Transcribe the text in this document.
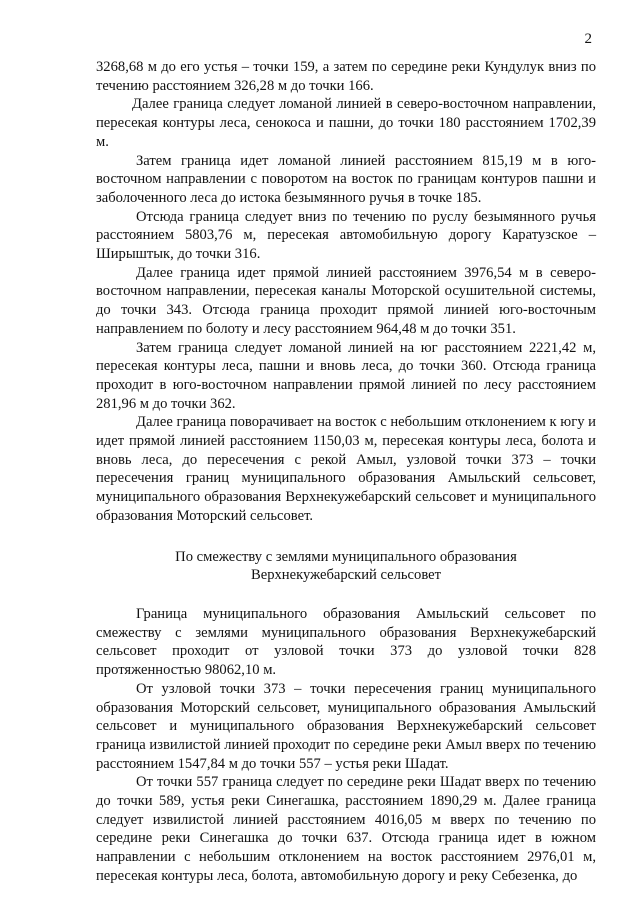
2

3268,68 м до его устья – точки 159, а затем по середине реки Кундулук вниз по течению расстоянием 326,28 м до точки 166.

Далее граница следует ломаной линией в северо-восточном направлении, пересекая контуры леса, сенокоса и пашни, до точки 180 расстоянием 1702,39 м.

Затем граница идет ломаной линией расстоянием 815,19 м в юго-восточном направлении с поворотом на восток по границам контуров пашни и заболоченного леса до истока безымянного ручья в точке 185.

Отсюда граница следует вниз по течению по руслу безымянного ручья расстоянием 5803,76 м, пересекая автомобильную дорогу Каратузское – Ширыштык, до точки 316.

Далее граница идет прямой линией расстоянием 3976,54 м в северо-восточном направлении, пересекая каналы Моторской осушительной системы, до точки 343. Отсюда граница проходит прямой линией юго-восточным направлением по болоту и лесу расстоянием 964,48 м до точки 351.

Затем граница следует ломаной линией на юг расстоянием 2221,42 м, пересекая контуры леса, пашни и вновь леса, до точки 360. Отсюда граница проходит в юго-восточном направлении прямой линией по лесу расстоянием 281,96 м до точки 362.

Далее граница поворачивает на восток с небольшим отклонением к югу и идет прямой линией расстоянием 1150,03 м, пересекая контуры леса, болота и вновь леса, до пересечения с рекой Амыл, узловой точки 373 – точки пересечения границ муниципального образования Амыльский сельсовет, муниципального образования Верхнекужебарский сельсовет и муниципального образования Моторский сельсовет.

По смежеству с землями муниципального образования
Верхнекужебарский сельсовет

Граница муниципального образования Амыльский сельсовет по смежеству с землями муниципального образования Верхнекужебарский сельсовет проходит от узловой точки 373 до узловой точки 828 протяженностью 98062,10 м.

От узловой точки 373 – точки пересечения границ муниципального образования Моторский сельсовет, муниципального образования Амыльский сельсовет и муниципального образования Верхнекужебарский сельсовет граница извилистой линией проходит по середине реки Амыл вверх по течению расстоянием 1547,84 м до точки 557 – устья реки Шадат.

От точки 557 граница следует по середине реки Шадат вверх по течению до точки 589, устья реки Синегашка, расстоянием 1890,29 м. Далее граница следует извилистой линией расстоянием 4016,05 м вверх по течению по середине реки Синегашка до точки 637. Отсюда граница идет в южном направлении с небольшим отклонением на восток расстоянием 2976,01 м, пересекая контуры леса, болота, автомобильную дорогу и реку Себезенка, до
